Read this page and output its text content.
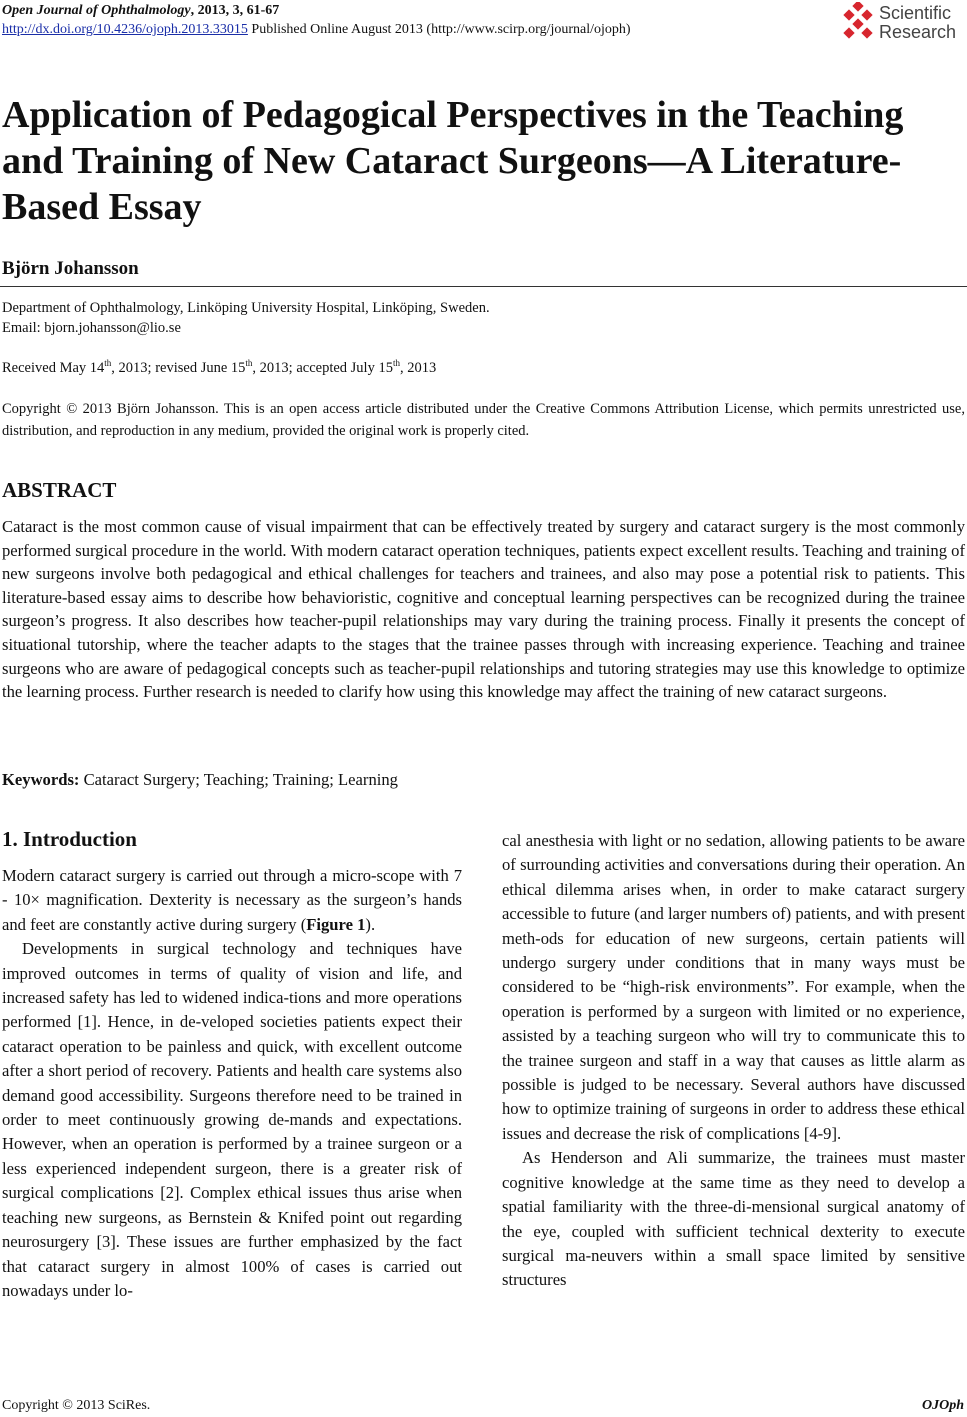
Open Journal of Ophthalmology, 2013, 3, 61-67
http://dx.doi.org/10.4236/ojoph.2013.33015 Published Online August 2013 (http://www.scirp.org/journal/ojoph)
Scientific
Research
Application of Pedagogical Perspectives in the Teaching and Training of New Cataract Surgeons—A Literature-Based Essay
Björn Johansson
Department of Ophthalmology, Linköping University Hospital, Linköping, Sweden.
Email: bjorn.johansson@lio.se
Received May 14th, 2013; revised June 15th, 2013; accepted July 15th, 2013
Copyright © 2013 Björn Johansson. This is an open access article distributed under the Creative Commons Attribution License, which permits unrestricted use, distribution, and reproduction in any medium, provided the original work is properly cited.
ABSTRACT
Cataract is the most common cause of visual impairment that can be effectively treated by surgery and cataract surgery is the most commonly performed surgical procedure in the world. With modern cataract operation techniques, patients expect excellent results. Teaching and training of new surgeons involve both pedagogical and ethical challenges for teachers and trainees, and also may pose a potential risk to patients. This literature-based essay aims to describe how behavioristic, cognitive and conceptual learning perspectives can be recognized during the trainee surgeon’s progress. It also describes how teacher-pupil relationships may vary during the training process. Finally it presents the concept of situational tutorship, where the teacher adapts to the stages that the trainee passes through with increasing experience. Teaching and trainee surgeons who are aware of pedagogical concepts such as teacher-pupil relationships and tutoring strategies may use this knowledge to optimize the learning process. Further research is needed to clarify how using this knowledge may affect the training of new cataract surgeons.
Keywords: Cataract Surgery; Teaching; Training; Learning
1. Introduction

Modern cataract surgery is carried out through a micro-scope with 7 - 10× magnification. Dexterity is necessary as the surgeon’s hands and feet are constantly active during surgery (Figure 1).

Developments in surgical technology and techniques have improved outcomes in terms of quality of vision and life, and increased safety has led to widened indica-tions and more operations performed [1]. Hence, in de-veloped societies patients expect their cataract operation to be painless and quick, with excellent outcome after a short period of recovery. Patients and health care systems also demand good accessibility. Surgeons therefore need to be trained in order to meet continuously growing de-mands and expectations. However, when an operation is performed by a trainee surgeon or a less experienced independent surgeon, there is a greater risk of surgical complications [2]. Complex ethical issues thus arise when teaching new surgeons, as Bernstein & Knifed point out regarding neurosurgery [3]. These issues are further emphasized by the fact that cataract surgery in almost 100% of cases is carried out nowadays under lo-

cal anesthesia with light or no sedation, allowing patients to be aware of surrounding activities and conversations during their operation. An ethical dilemma arises when, in order to make cataract surgery accessible to future (and larger numbers of) patients, and with present meth-ods for education of new surgeons, certain patients will undergo surgery under conditions that in many ways must be considered to be “high-risk environments”. For example, when the operation is performed by a surgeon with limited or no experience, assisted by a teaching surgeon who will try to communicate this to the trainee surgeon and staff in a way that causes as little alarm as possible is judged to be necessary. Several authors have discussed how to optimize training of surgeons in order to address these ethical issues and decrease the risk of complications [4-9].

As Henderson and Ali summarize, the trainees must master cognitive knowledge at the same time as they need to develop a spatial familiarity with the three-di-mensional surgical anatomy of the eye, coupled with sufficient technical dexterity to execute surgical ma-neuvers within a small space limited by sensitive structures

Copyright © 2013 SciRes.	OJOph
